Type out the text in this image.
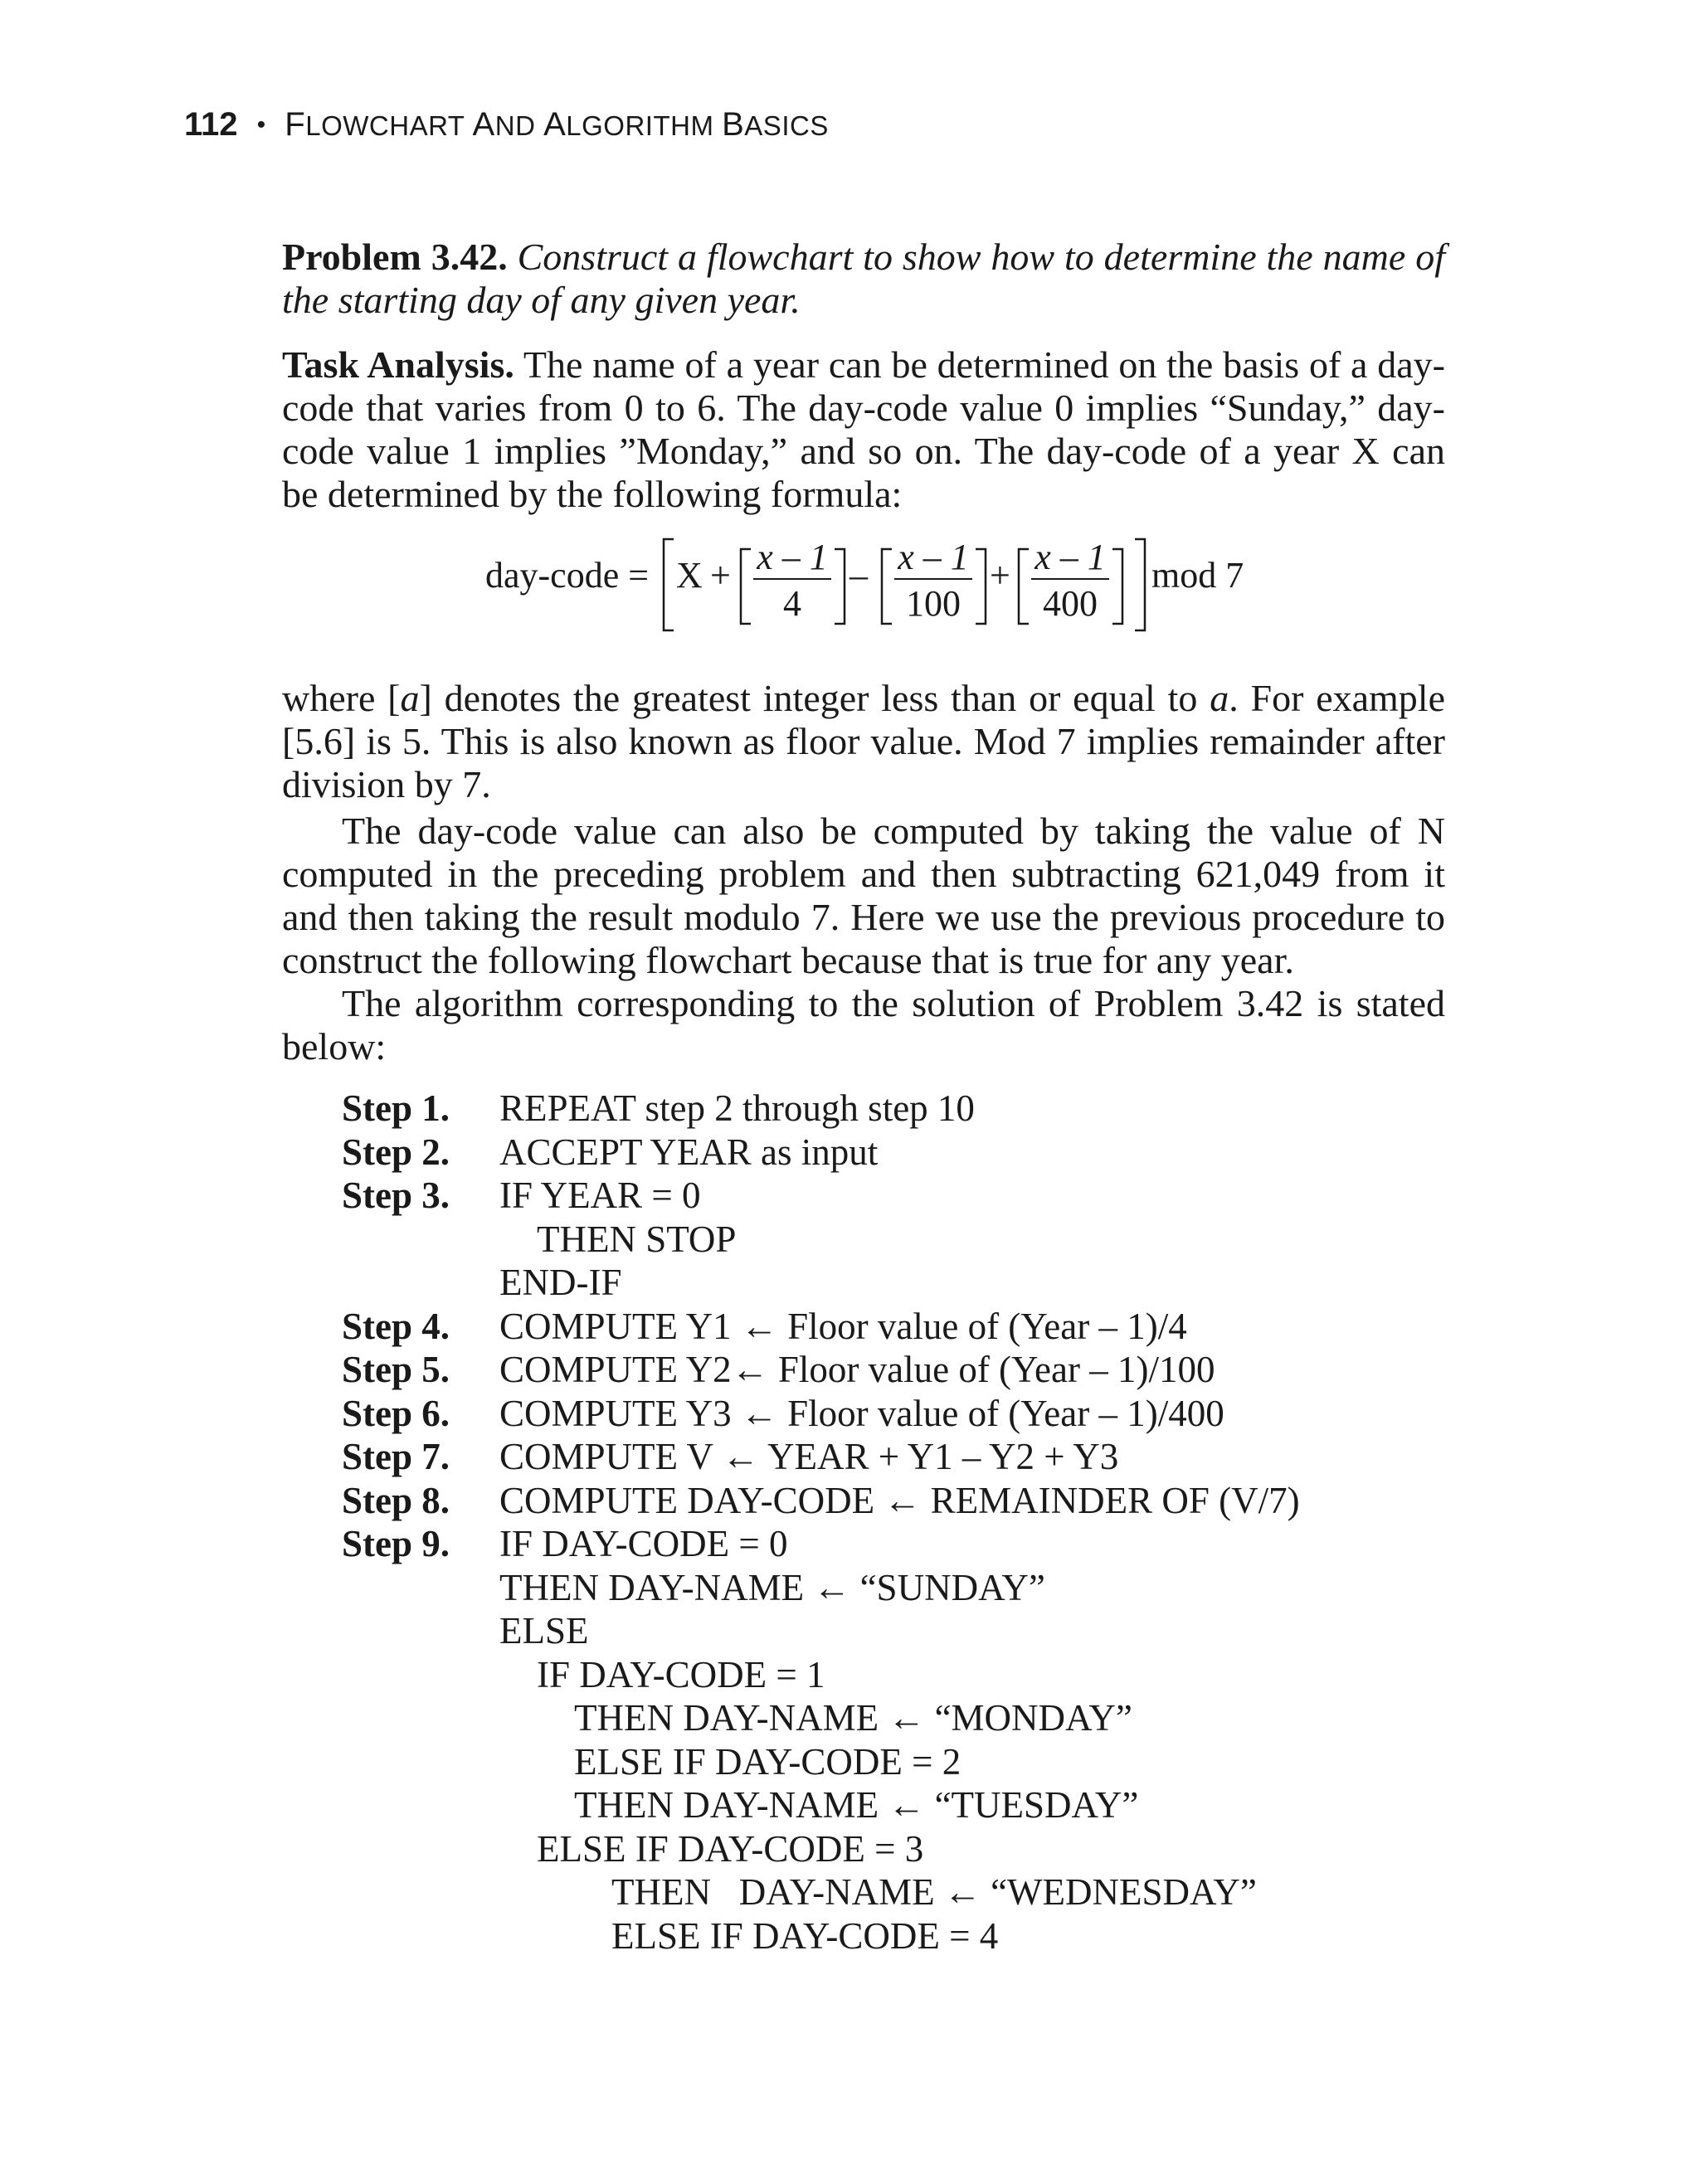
112 • FLOWCHART AND ALGORITHM BASICS
Problem 3.42. Construct a flowchart to show how to determine the name of the starting day of any given year.
Task Analysis. The name of a year can be determined on the basis of a day-code that varies from 0 to 6. The day-code value 0 implies “Sunday,” day-code value 1 implies ”Monday,” and so on. The day-code of a year X can be determined by the following formula:
day-code = X + x – 1
4
– x – 1
100
+ x – 1
400
mod 7
where [a] denotes the greatest integer less than or equal to a. For example [5.6] is 5. This is also known as floor value. Mod 7 implies remainder after division by 7.
The day-code value can also be computed by taking the value of N computed in the preceding problem and then subtracting 621,049 from it and then taking the result modulo 7. Here we use the previous procedure to construct the following flowchart because that is true for any year.
The algorithm corresponding to the solution of Problem 3.42 is stated below:
Step 1. REPEAT step 2 through step 10
Step 2. ACCEPT YEAR as input
Step 3. IF YEAR = 0
THEN STOP
END-IF
Step 4. COMPUTE Y1 ← Floor value of (Year – 1)/4
Step 5. COMPUTE Y2← Floor value of (Year – 1)/100
Step 6. COMPUTE Y3 ← Floor value of (Year – 1)/400
Step 7. COMPUTE V ← YEAR + Y1 – Y2 + Y3
Step 8. COMPUTE DAY-CODE ← REMAINDER OF (V/7)
Step 9. IF DAY-CODE = 0
THEN DAY-NAME ← “SUNDAY”
ELSE
IF DAY-CODE = 1
THEN DAY-NAME ← “MONDAY”
ELSE IF DAY-CODE = 2
THEN DAY-NAME ← “TUESDAY”
ELSE IF DAY-CODE = 3
THEN   DAY-NAME ← “WEDNESDAY”
ELSE IF DAY-CODE = 4
